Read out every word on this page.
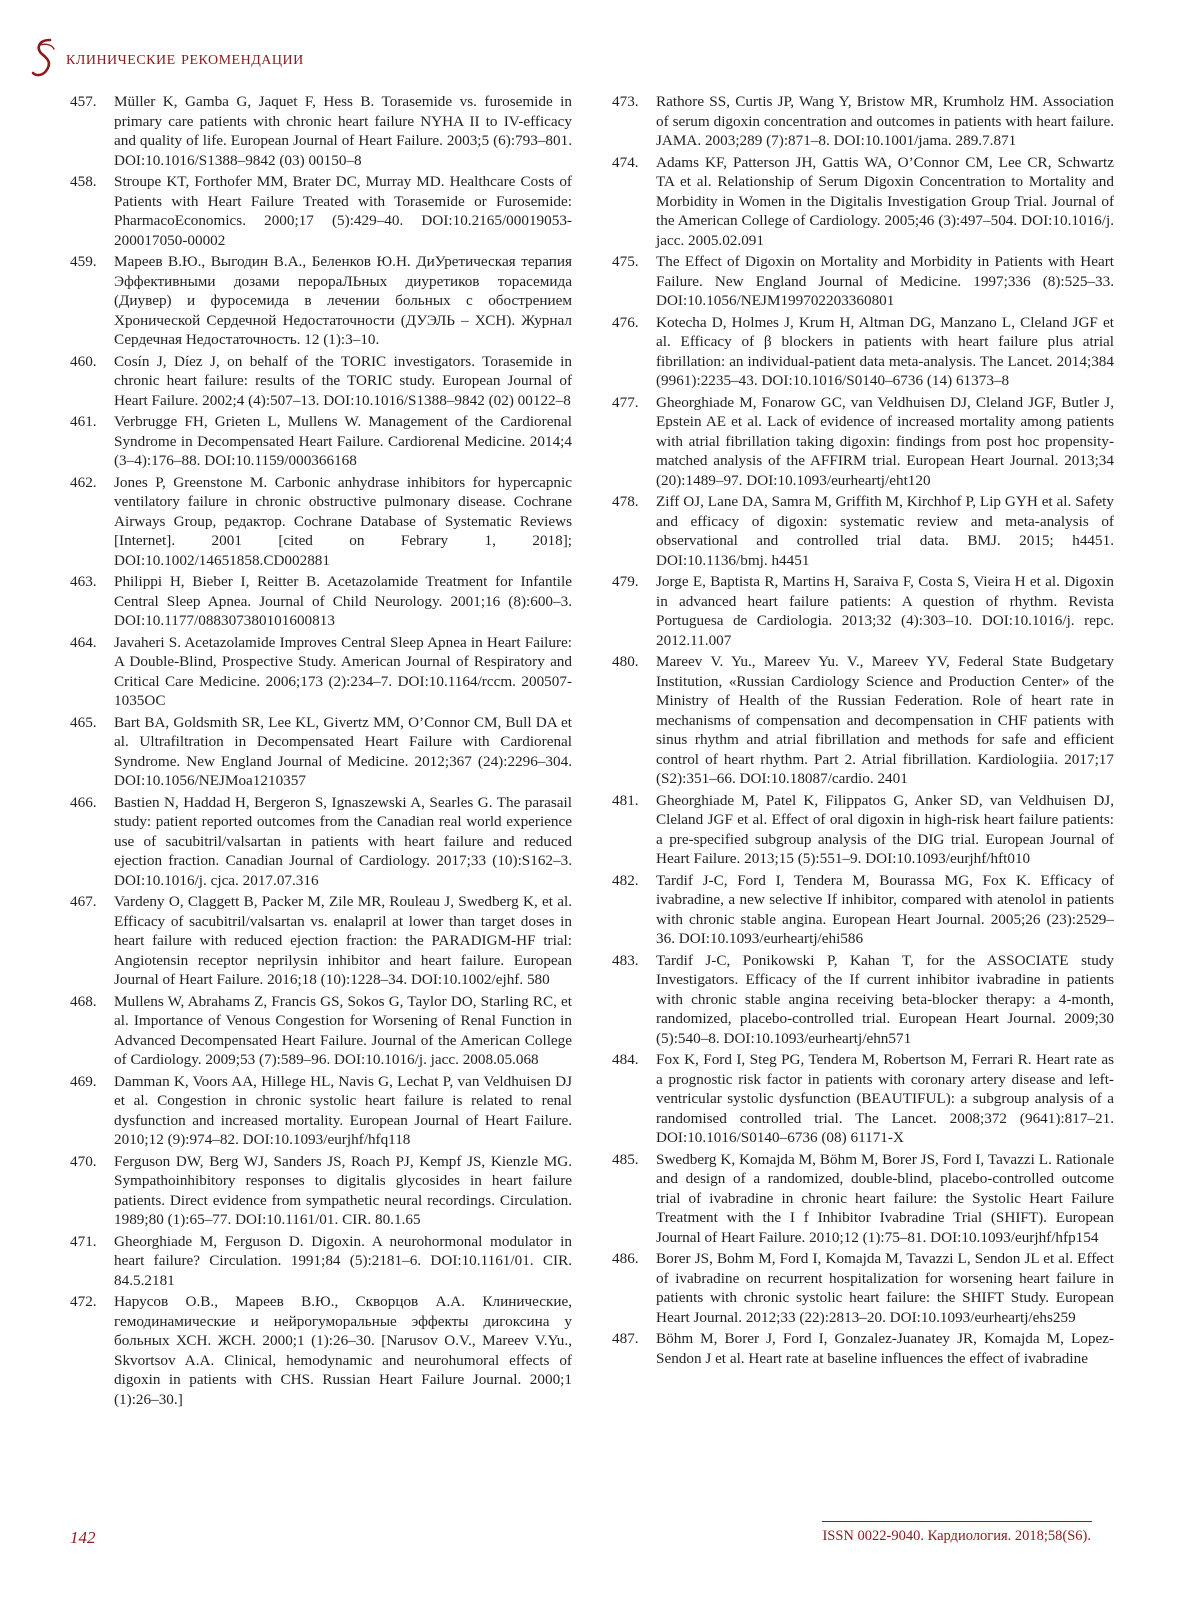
клинические рекомендации
457.	Müller K, Gamba G, Jaquet F, Hess B. Torasemide vs. furosemide in primary care patients with chronic heart failure NYHA II to IV-efficacy and quality of life. European Journal of Heart Failure. 2003;5 (6):793–801. DOI:10.1016/S1388–9842 (03) 00150–8
458.	Stroupe KT, Forthofer MM, Brater DC, Murray MD. Healthcare Costs of Patients with Heart Failure Treated with Torasemide or Furosemide: PharmacoEconomics. 2000;17 (5):429–40. DOI:10.2165/00019053-200017050-00002
459.	Мареев В.Ю., Выгодин В.А., Беленков Ю.Н. ДиУретическая терапия Эффективными дозами перораЛЬных диуретиков торасемида (Диувер) и фуросемида в лечении больных с обострением Хронической Сердечной Недостаточности (ДУЭЛЬ – ХСН). Журнал Сердечная Недостаточность. 12 (1):3–10.
460.	Cosín J, Díez J, on behalf of the TORIC investigators. Torasemide in chronic heart failure: results of the TORIC study. European Journal of Heart Failure. 2002;4 (4):507–13. DOI:10.1016/S1388–9842 (02) 00122–8
461.	Verbrugge FH, Grieten L, Mullens W. Management of the Cardiorenal Syndrome in Decompensated Heart Failure. Cardiorenal Medicine. 2014;4 (3–4):176–88. DOI:10.1159/000366168
462.	Jones P, Greenstone M. Carbonic anhydrase inhibitors for hypercapnic ventilatory failure in chronic obstructive pulmonary disease. Cochrane Airways Group, редактор. Cochrane Database of Systematic Reviews [Internet]. 2001 [cited on Febrary 1, 2018]; DOI:10.1002/14651858.CD002881
463.	Philippi H, Bieber I, Reitter B. Acetazolamide Treatment for Infantile Central Sleep Apnea. Journal of Child Neurology. 2001;16 (8):600–3. DOI:10.1177/088307380101600813
464.	Javaheri S. Acetazolamide Improves Central Sleep Apnea in Heart Failure: A Double-Blind, Prospective Study. American Journal of Respiratory and Critical Care Medicine. 2006;173 (2):234–7. DOI:10.1164/rccm. 200507-1035OC
465.	Bart BA, Goldsmith SR, Lee KL, Givertz MM, O’Connor CM, Bull DA et al. Ultrafiltration in Decompensated Heart Failure with Cardiorenal Syndrome. New England Journal of Medicine. 2012;367 (24):2296–304. DOI:10.1056/NEJMoa1210357
466.	Bastien N, Haddad H, Bergeron S, Ignaszewski A, Searles G. The parasail study: patient reported outcomes from the Canadian real world experience use of sacubitril/valsartan in patients with heart failure and reduced ejection fraction. Canadian Journal of Cardiology. 2017;33 (10):S162–3. DOI:10.1016/j. cjca. 2017.07.316
467.	Vardeny O, Claggett B, Packer M, Zile MR, Rouleau J, Swedberg K, et al. Efficacy of sacubitril/valsartan vs. enalapril at lower than target doses in heart failure with reduced ejection fraction: the PARADIGM-HF trial: Angiotensin receptor neprilysin inhibitor and heart failure. European Journal of Heart Failure. 2016;18 (10):1228–34. DOI:10.1002/ejhf. 580
468.	Mullens W, Abrahams Z, Francis GS, Sokos G, Taylor DO, Starling RC, et al. Importance of Venous Congestion for Worsening of Renal Function in Advanced Decompensated Heart Failure. Journal of the American College of Cardiology. 2009;53 (7):589–96. DOI:10.1016/j. jacc. 2008.05.068
469.	Damman K, Voors AA, Hillege HL, Navis G, Lechat P, van Veldhuisen DJ et al. Congestion in chronic systolic heart failure is related to renal dysfunction and increased mortality. European Journal of Heart Failure. 2010;12 (9):974–82. DOI:10.1093/eurjhf/hfq118
470.	Ferguson DW, Berg WJ, Sanders JS, Roach PJ, Kempf JS, Kienzle MG. Sympathoinhibitory responses to digitalis glycosides in heart failure patients. Direct evidence from sympathetic neural recordings. Circulation. 1989;80 (1):65–77. DOI:10.1161/01. CIR. 80.1.65
471.	Gheorghiade M, Ferguson D. Digoxin. A neurohormonal modulator in heart failure? Circulation. 1991;84 (5):2181–6. DOI:10.1161/01. CIR. 84.5.2181
472.	Нарусов О.В., Мареев В.Ю., Скворцов А.А. Клинические, гемодинамические и нейрогуморальные эффекты дигоксина у больных ХСН. ЖСН. 2000;1 (1):26–30. [Narusov O.V., Mareev V.Yu., Skvortsov A.A. Clinical, hemodynamic and neurohumoral effects of digoxin in patients with CHS. Russian Heart Failure Journal. 2000;1 (1):26–30.]
473.	Rathore SS, Curtis JP, Wang Y, Bristow MR, Krumholz HM. Association of serum digoxin concentration and outcomes in patients with heart failure. JAMA. 2003;289 (7):871–8. DOI:10.1001/jama. 289.7.871
474.	Adams KF, Patterson JH, Gattis WA, O’Connor CM, Lee CR, Schwartz TA et al. Relationship of Serum Digoxin Concentration to Mortality and Morbidity in Women in the Digitalis Investigation Group Trial. Journal of the American College of Cardiology. 2005;46 (3):497–504. DOI:10.1016/j. jacc. 2005.02.091
475.	The Effect of Digoxin on Mortality and Morbidity in Patients with Heart Failure. New England Journal of Medicine. 1997;336 (8):525–33. DOI:10.1056/NEJM199702203360801
476.	Kotecha D, Holmes J, Krum H, Altman DG, Manzano L, Cleland JGF et al. Efficacy of β blockers in patients with heart failure plus atrial fibrillation: an individual-patient data meta-analysis. The Lancet. 2014;384 (9961):2235–43. DOI:10.1016/S0140–6736 (14) 61373–8
477.	Gheorghiade M, Fonarow GC, van Veldhuisen DJ, Cleland JGF, Butler J, Epstein AE et al. Lack of evidence of increased mortality among patients with atrial fibrillation taking digoxin: findings from post hoc propensity-matched analysis of the AFFIRM trial. European Heart Journal. 2013;34 (20):1489–97. DOI:10.1093/eurheartj/eht120
478.	Ziff OJ, Lane DA, Samra M, Griffith M, Kirchhof P, Lip GYH et al. Safety and efficacy of digoxin: systematic review and meta-analysis of observational and controlled trial data. BMJ. 2015; h4451. DOI:10.1136/bmj. h4451
479.	Jorge E, Baptista R, Martins H, Saraiva F, Costa S, Vieira H et al. Digoxin in advanced heart failure patients: A question of rhythm. Revista Portuguesa de Cardiologia. 2013;32 (4):303–10. DOI:10.1016/j. repc. 2012.11.007
480.	Mareev V. Yu., Mareev Yu. V., Mareev YV, Federal State Budgetary Institution, «Russian Cardiology Science and Production Center» of the Ministry of Health of the Russian Federation. Role of heart rate in mechanisms of compensation and decompensation in CHF patients with sinus rhythm and atrial fibrillation and methods for safe and efficient control of heart rhythm. Part 2. Atrial fibrillation. Kardiologiia. 2017;17 (S2):351–66. DOI:10.18087/cardio. 2401
481.	Gheorghiade M, Patel K, Filippatos G, Anker SD, van Veldhuisen DJ, Cleland JGF et al. Effect of oral digoxin in high-risk heart failure patients: a pre-specified subgroup analysis of the DIG trial. European Journal of Heart Failure. 2013;15 (5):551–9. DOI:10.1093/eurjhf/hft010
482.	Tardif J-C, Ford I, Tendera M, Bourassa MG, Fox K. Efficacy of ivabradine, a new selective If inhibitor, compared with atenolol in patients with chronic stable angina. European Heart Journal. 2005;26 (23):2529–36. DOI:10.1093/eurheartj/ehi586
483.	Tardif J-C, Ponikowski P, Kahan T, for the ASSOCIATE study Investigators. Efficacy of the If current inhibitor ivabradine in patients with chronic stable angina receiving beta-blocker therapy: a 4-month, randomized, placebo-controlled trial. European Heart Journal. 2009;30 (5):540–8. DOI:10.1093/eurheartj/ehn571
484.	Fox K, Ford I, Steg PG, Tendera M, Robertson M, Ferrari R. Heart rate as a prognostic risk factor in patients with coronary artery disease and left-ventricular systolic dysfunction (BEAUTIFUL): a subgroup analysis of a randomised controlled trial. The Lancet. 2008;372 (9641):817–21. DOI:10.1016/S0140–6736 (08) 61171-X
485.	Swedberg K, Komajda M, Böhm M, Borer JS, Ford I, Tavazzi L. Rationale and design of a randomized, double-blind, placebo-controlled outcome trial of ivabradine in chronic heart failure: the Systolic Heart Failure Treatment with the I f Inhibitor Ivabradine Trial (SHIFT). European Journal of Heart Failure. 2010;12 (1):75–81. DOI:10.1093/eurjhf/hfp154
486.	Borer JS, Bohm M, Ford I, Komajda M, Tavazzi L, Sendon JL et al. Effect of ivabradine on recurrent hospitalization for worsening heart failure in patients with chronic systolic heart failure: the SHIFT Study. European Heart Journal. 2012;33 (22):2813–20. DOI:10.1093/eurheartj/ehs259
487.	Böhm M, Borer J, Ford I, Gonzalez-Juanatey JR, Komajda M, Lopez-Sendon J et al. Heart rate at baseline influences the effect of ivabradine
142	ISSN 0022-9040. Кардиология. 2018;58(S6).
